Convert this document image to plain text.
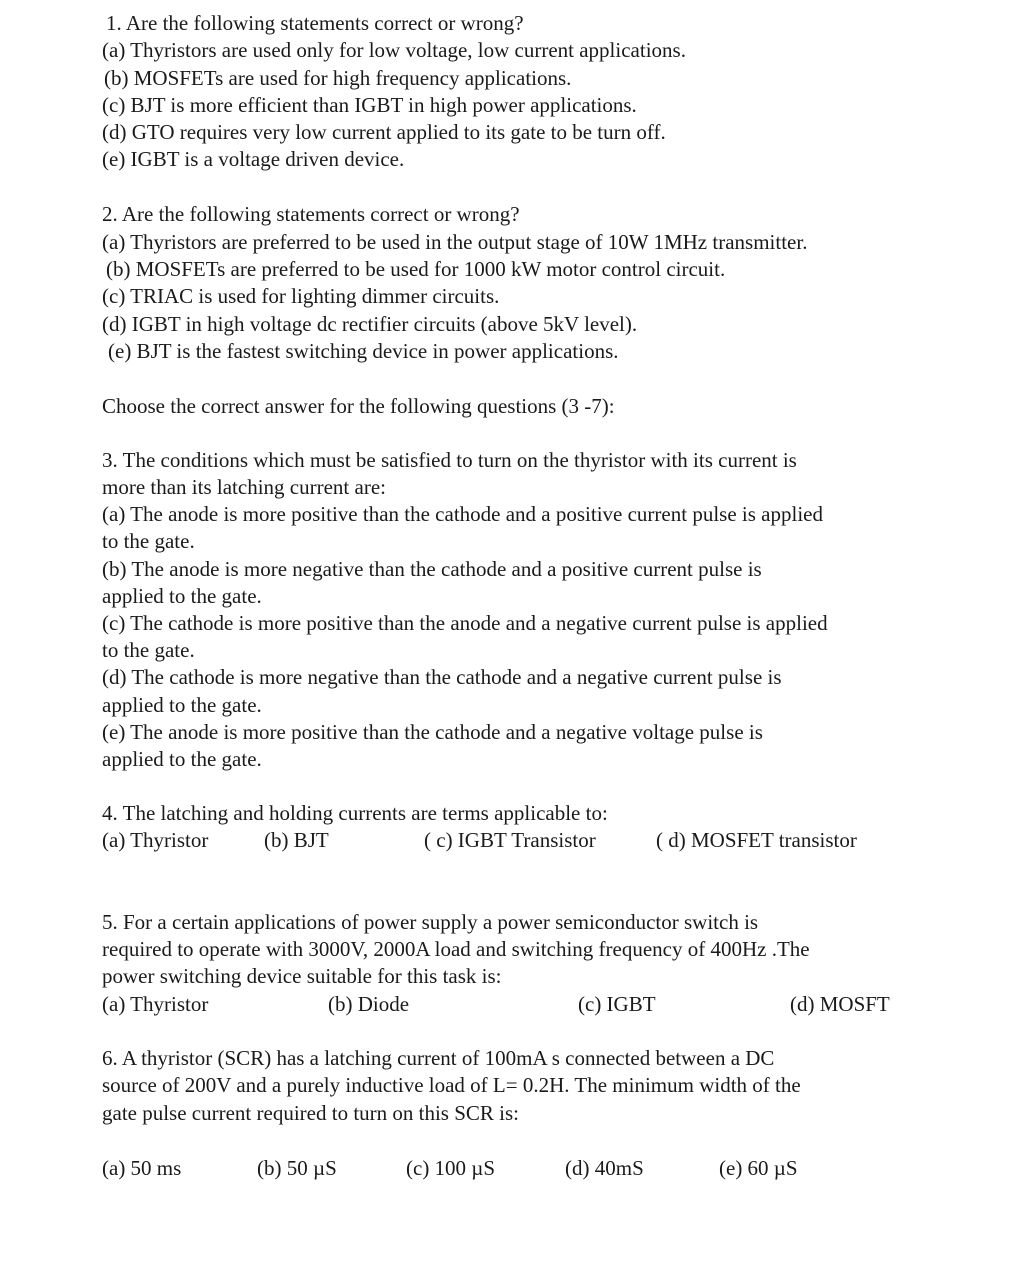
1. Are the following statements correct or wrong?
(a) Thyristors are used only for low voltage, low current applications.
(b) MOSFETs are used for high frequency applications.
(c) BJT is more efficient than IGBT in high power applications.
(d) GTO requires very low current applied to its gate to be turn off.
(e) IGBT is a voltage driven device.
2. Are the following statements correct or wrong?
(a) Thyristors are preferred to be used in the output stage of 10W 1MHz transmitter.
(b) MOSFETs are preferred to be used for 1000 kW motor control circuit.
(c) TRIAC is used for lighting dimmer circuits.
(d) IGBT in high voltage dc rectifier circuits (above 5kV level).
(e) BJT is the fastest switching device in power applications.
Choose the correct answer for the following questions (3 -7):
3. The conditions which must be satisfied to turn on the thyristor with its current is
more than its latching current are:
(a) The anode is more positive than the cathode and a positive current pulse is applied
to the gate.
(b) The anode is more negative than the cathode and a positive current pulse is
applied to the gate.
(c) The cathode is more positive than the anode and a negative current pulse is applied
to the gate.
(d) The cathode is more negative than the cathode and a negative current pulse is
applied to the gate.
(e) The anode is more positive than the cathode and a negative voltage pulse is
applied to the gate.
4. The latching and holding currents are terms applicable to:
(a) Thyristor	(b) BJT	( c) IGBT Transistor	( d) MOSFET transistor
5. For a certain applications of power supply a power semiconductor switch is
required to operate with 3000V, 2000A load and switching frequency of 400Hz .The
power switching device suitable for this task is:
(a) Thyristor	(b) Diode	(c) IGBT	(d) MOSFT
6. A thyristor (SCR) has a latching current of 100mA s connected between a DC
source of 200V and a purely inductive load of L= 0.2H. The minimum width of the
gate pulse current required to turn on this SCR is:
(a) 50 ms	(b) 50 µS	(c) 100 µS	(d) 40mS	(e) 60 µS
